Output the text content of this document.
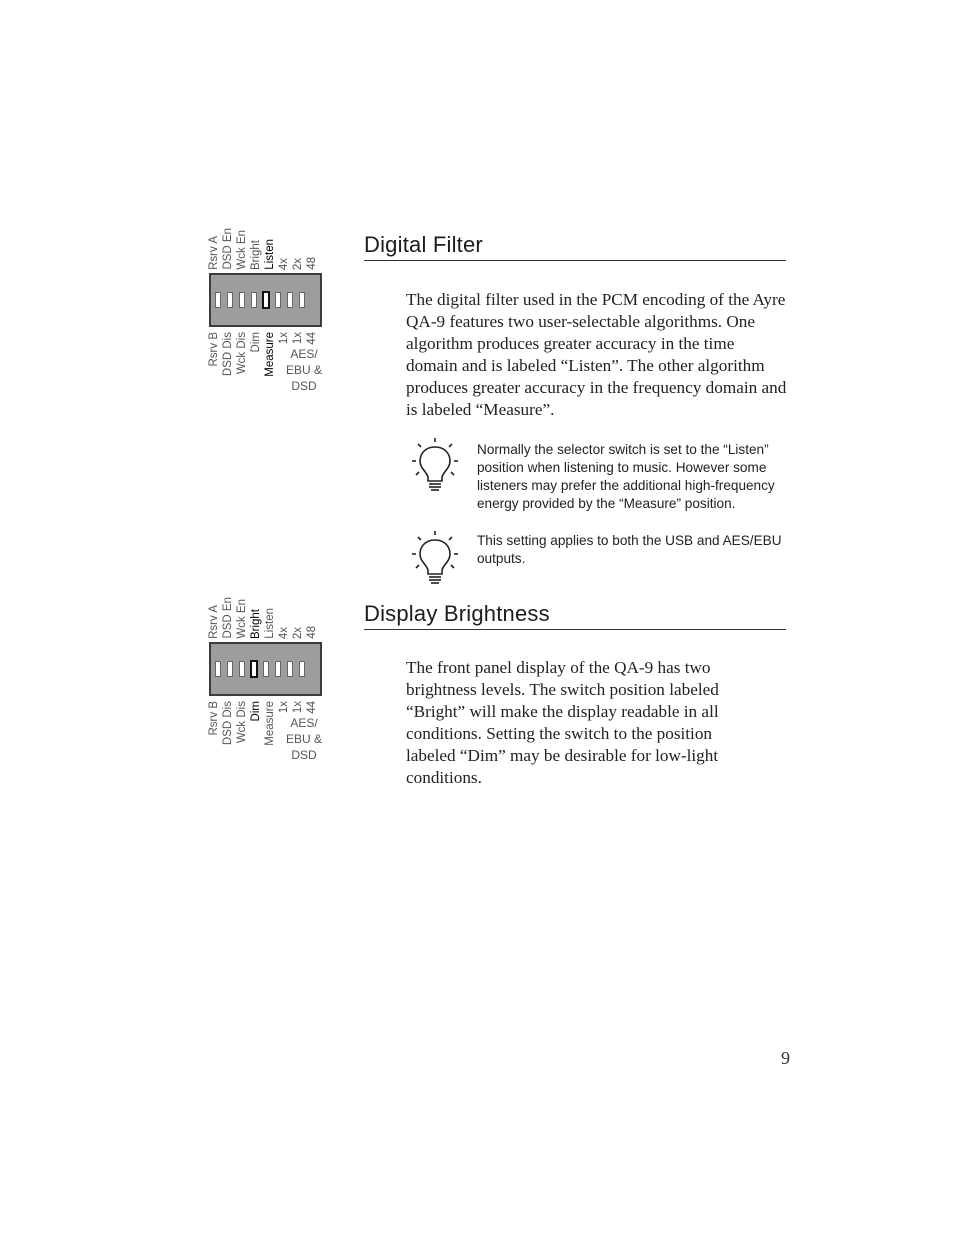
Rsrv A DSD En Wck En Bright Listen 4x 2x 48
Rsrv B DSD Dis Wck Dis Dim Measure 1x 1x 44
AES/
EBU &
DSD
Digital Filter
The digital filter used in the PCM encoding of the Ayre QA-9 features two user-selectable algorithms. One algorithm produces greater accuracy in the time domain and is labeled “Listen”. The other algorithm produces greater accuracy in the frequency domain and is labeled “Measure”.
Normally the selector switch is set to the “Listen” position when listening to music. However some listeners may prefer the additional high-frequency energy provided by the “Measure” position.
This setting applies to both the USB and AES/EBU outputs.
Rsrv A DSD En Wck En Bright Listen 4x 2x 48
Rsrv B DSD Dis Wck Dis Dim Measure 1x 1x 44
AES/
EBU &
DSD
Display Brightness
The front panel display of the QA-9 has two brightness levels. The switch position labeled “Bright” will make the display readable in all conditions. Setting the switch to the position labeled “Dim” may be desirable for low-light conditions.
9
